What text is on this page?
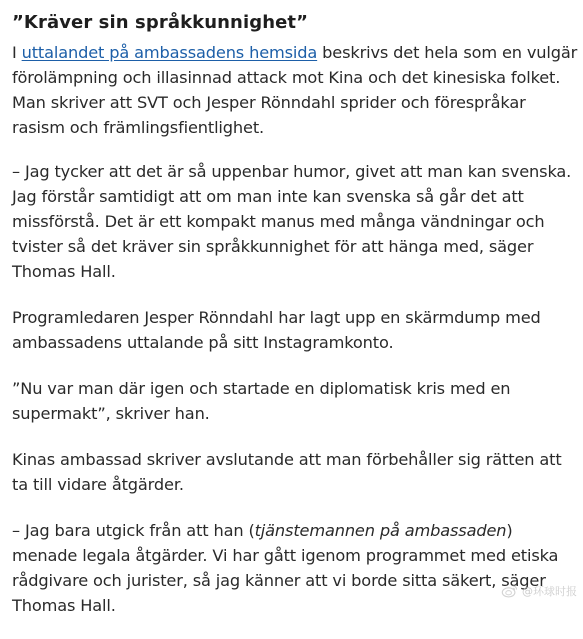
”Kräver sin språkkunnighet”

I uttalandet på ambassadens hemsida beskrivs det hela som en vulgär förolämpning och illasinnad attack mot Kina och det kinesiska folket. Man skriver att SVT och Jesper Rönndahl sprider och förespråkar rasism och främlingsfientlighet.

– Jag tycker att det är så uppenbar humor, givet att man kan svenska. Jag förstår samtidigt att om man inte kan svenska så går det att missförstå. Det är ett kompakt manus med många vändningar och tvister så det kräver sin språkkunnighet för att hänga med, säger Thomas Hall.

Programledaren Jesper Rönndahl har lagt upp en skärmdump med ambassadens uttalande på sitt Instagramkonto.

”Nu var man där igen och startade en diplomatisk kris med en supermakt”, skriver han.

Kinas ambassad skriver avslutande att man förbehåller sig rätten att ta till vidare åtgärder.

– Jag bara utgick från att han (tjänstemannen på ambassaden) menade legala åtgärder. Vi har gått igenom programmet med etiska rådgivare och jurister, så jag känner att vi borde sitta säkert, säger Thomas Hall.

@环球时报
